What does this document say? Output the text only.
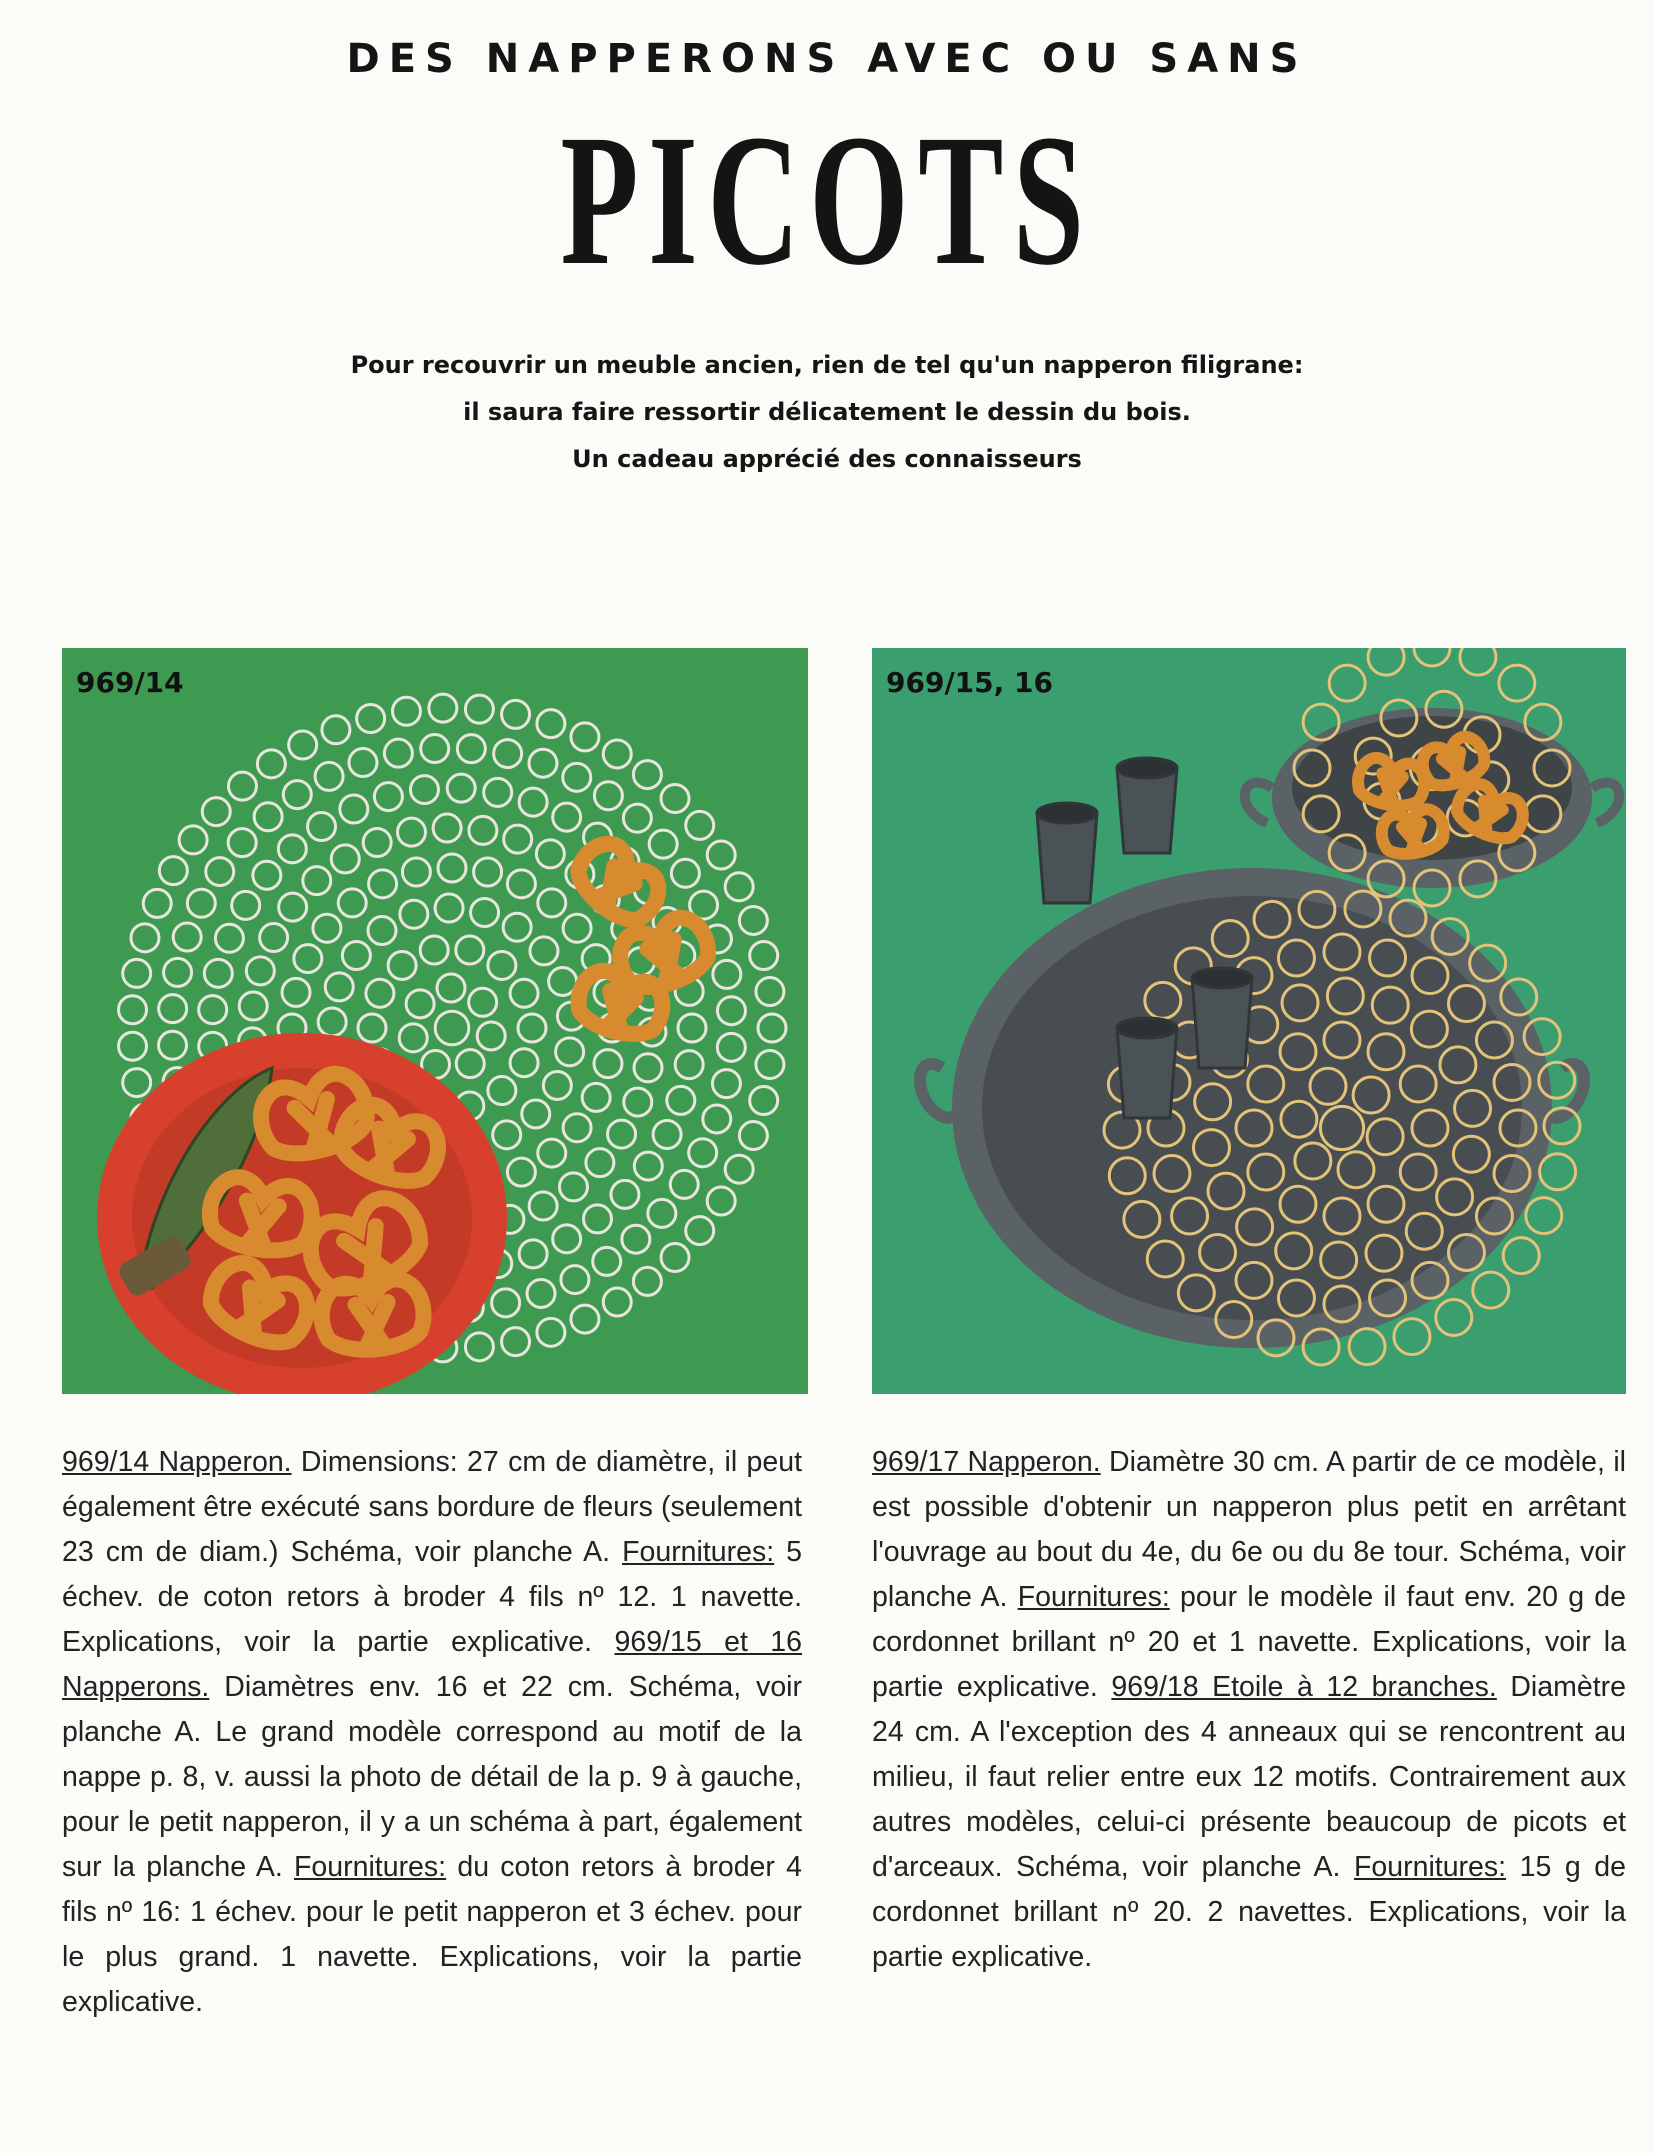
DES NAPPERONS AVEC OU SANS
PICOTS
Pour recouvrir un meuble ancien, rien de tel qu'un napperon filigrane:
il saura faire ressortir délicatement le dessin du bois.
Un cadeau apprécié des connaisseurs
969/14	969/15, 16

969/14 Napperon. Dimensions: 27 cm de diamètre, il peut également être exécuté sans bordure de fleurs (seulement 23 cm de diam.) Schéma, voir planche A. Fournitures: 5 échev. de coton retors à broder 4 fils nº 12. 1 navette. Explications, voir la partie explicative. 969/15 et 16 Napperons. Diamètres env. 16 et 22 cm. Schéma, voir planche A. Le grand modèle correspond au motif de la nappe p. 8, v. aussi la photo de détail de la p. 9 à gauche, pour le petit napperon, il y a un schéma à part, également sur la planche A. Fournitures: du coton retors à broder 4 fils nº 16: 1 échev. pour le petit napperon et 3 échev. pour le plus grand. 1 navette. Explications, voir la partie explicative.

969/17 Napperon. Diamètre 30 cm. A partir de ce modèle, il est possible d'obtenir un napperon plus petit en arrêtant l'ouvrage au bout du 4e, du 6e ou du 8e tour. Schéma, voir planche A. Fournitures: pour le modèle il faut env. 20 g de cordonnet brillant nº 20 et 1 navette. Explications, voir la partie explicative. 969/18 Etoile à 12 branches. Diamètre 24 cm. A l'exception des 4 anneaux qui se rencontrent au milieu, il faut relier entre eux 12 motifs. Contrairement aux autres modèles, celui-ci présente beaucoup de picots et d'arceaux. Schéma, voir planche A. Fournitures: 15 g de cordonnet brillant nº 20. 2 navettes. Explications, voir la partie explicative.
